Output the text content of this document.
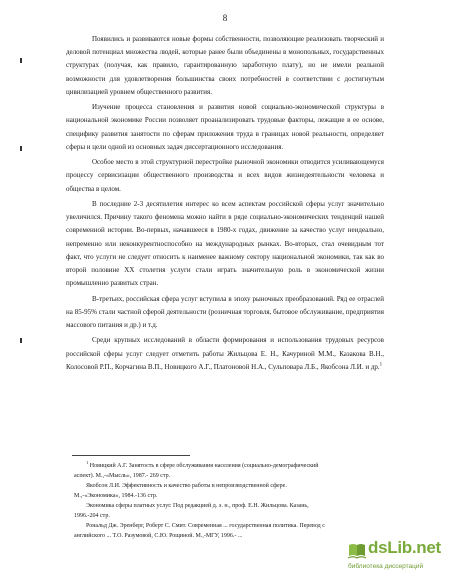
8

Появились и развиваются новые формы собственности, позволяющие реализовать творческий и деловой потенциал множества людей, которые ранее были объединены в монопольных, государственных структурах (получая, как правило, гарантированную заработную плату), но не имели реальной возможности для удовлетворения большинства своих потребностей в соответствии с достигнутым цивилизацией уровнем общественного развития.

Изучение процесса становления и развития новой социально-экономической структуры в национальной экономике России позволяет проанализировать трудовые факторы, лежащие в ее основе, специфику развития занятости по сферам приложения труда в границах новой реальности, определяет сферы и цели одной из основных задач диссертационного исследования.

Особое место в этой структурной перестройке рыночной экономики отводится усиливающемуся процессу сервисизации общественного производства и всех видов жизнедеятельности человека и общества в целом.

В последние 2-3 десятилетия интерес ко всем аспектам российской сферы услуг значительно увеличился. Причину такого феномена можно найти в ряде социально-экономических тенденций нашей современной истории. Во-первых, начавшееся в 1980-х годах, движение за качество услуг неидеально, непременно или неконкурентноспособно на международных рынках. Во-вторых, стал очевидным тот факт, что услуги не следует относить к наименее важному сектору национальной экономики, так как во второй половине XX столетия услуги стали играть значительную роль в экономической жизни промышленно развитых стран.

В-третьих, российская сфера услуг вступила в эпоху рыночных преобразований. Ряд ее отраслей на 85-95% стали частной сферой деятельности (розничная торговля, бытовое обслуживание, предприятия массового питания и др.) и т.д.

Среди крупных исследований в области формирования и использования трудовых ресурсов российской сферы услуг следует отметить работы Жильцова Е. Н., Качуриной М.М., Казакова В.Н., Колосовой Р.П., Корчагина В.П., Новицкого А.Г., Платоновой Н.А., Сульповара Л.Б., Якобсона Л.И. и др.$^1$

$^1$ Новицкий А.Г. Занятость в сфере обслуживания населения (социально-демографический аспект). М.,-«Мысль», 1987.- 269 стр.

Якобсон Л.И. Эффективность и качество работы в непроизводственной сфере. М.,-«Экономика», 1984.-136 стр.

Экономика сферы платных услуг. Под редакцией д. э. н., проф. Е.Н. Жильцова. Казань, 1996.-204 стр.

Рональд Дж. Эренберг, Роберт С. Смит. Современная ... государственная политика. Перевод с английского ... Т.О. Разумовой, С.Ю. Рощиной. М.,-МГУ, 1996.- ...

dsLib.net
библиотека диссертаций
